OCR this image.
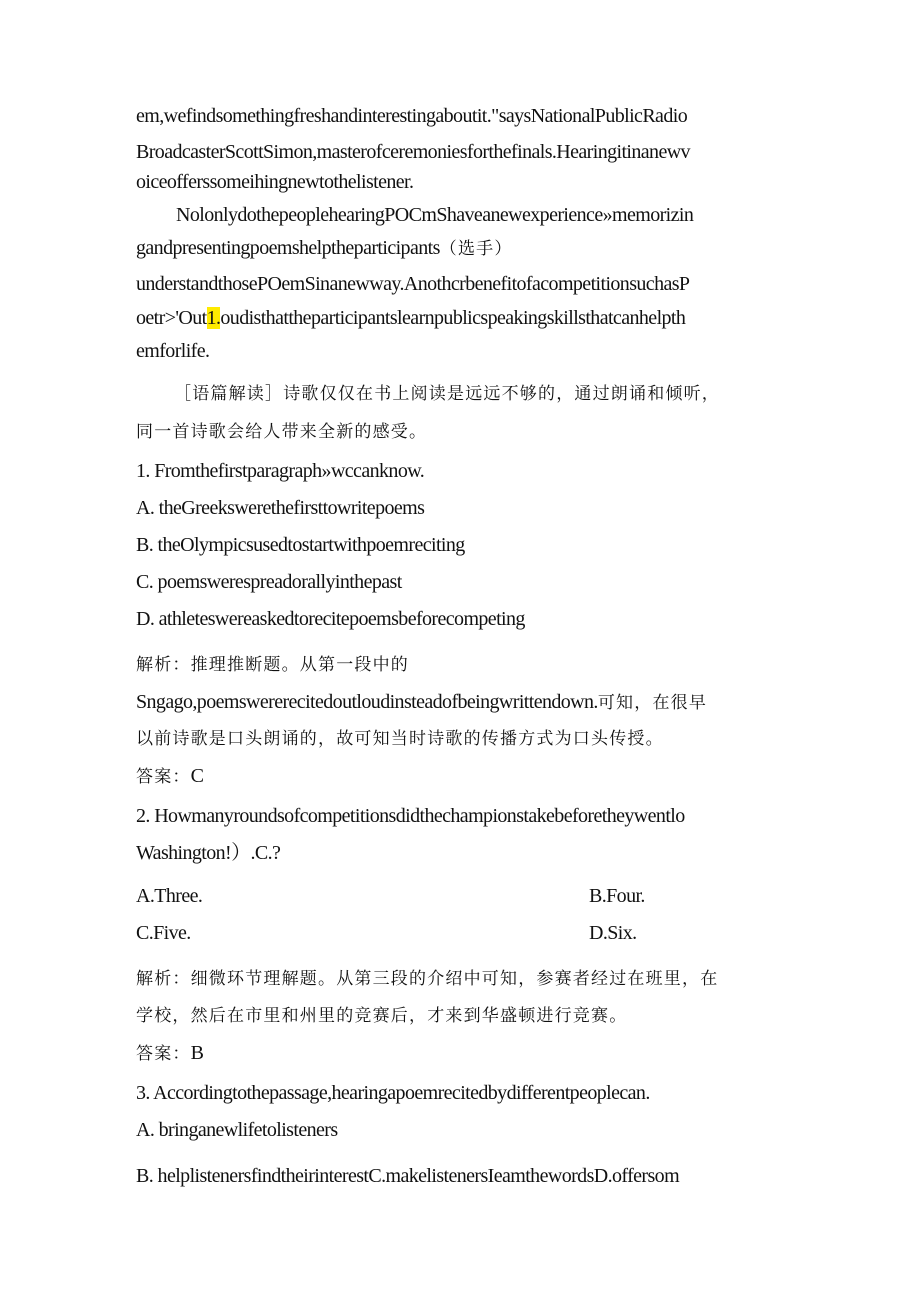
em,wefindsomethingfreshandinterestingaboutit."saysNationalPublicRadio
BroadcasterScottSimon,masterofceremoniesforthefinals.Hearingitinanewv
oiceofferssomeihingnewtothelistener.
NolonlydothepeoplehearingPOCmShaveanewexperience»memorizin
gandpresentingpoemshelptheparticipants（选手）
understandthosePOemSinanewway.AnothcrbenefitofacompetitionsuchasP
oetr>'Out1.oudisthattheparticipantslearnpublicspeakingskillsthatcanhelpth
emforlife.
［语篇解读］诗歌仅仅在书上阅读是远远不够的，通过朗诵和倾听，
同一首诗歌会给人带来全新的感受。
1. Fromthefirstparagraph»wccanknow.
A. theGreekswerethefirsttowritepoems
B. theOlympicsusedtostartwithpoemreciting
C. poemswerespreadorallyinthepast
D. athleteswereaskedtorecitepoemsbeforecompeting
解析：推理推断题。从第一段中的
Sngago,poemswererecitedoutloudinsteadofbeingwrittendown.可知，在很早
以前诗歌是口头朗诵的，故可知当时诗歌的传播方式为口头传授。
答案：C
2. Howmanyroundsofcompetitionsdidthechampionstakebeforetheywentlo
Washington!）.C.?
A.Three.	B.Four.
C.Five.	D.Six.
解析：细微环节理解题。从第三段的介绍中可知，参赛者经过在班里，在
学校，然后在市里和州里的竞赛后，才来到华盛顿进行竞赛。
答案：B
3. Accordingtothepassage,hearingapoemrecitedbydifferentpeoplecan.
A. bringanewlifetolisteners
B. helplistenersfindtheirinterestC.makelistenersIeamthewordsD.offersom
